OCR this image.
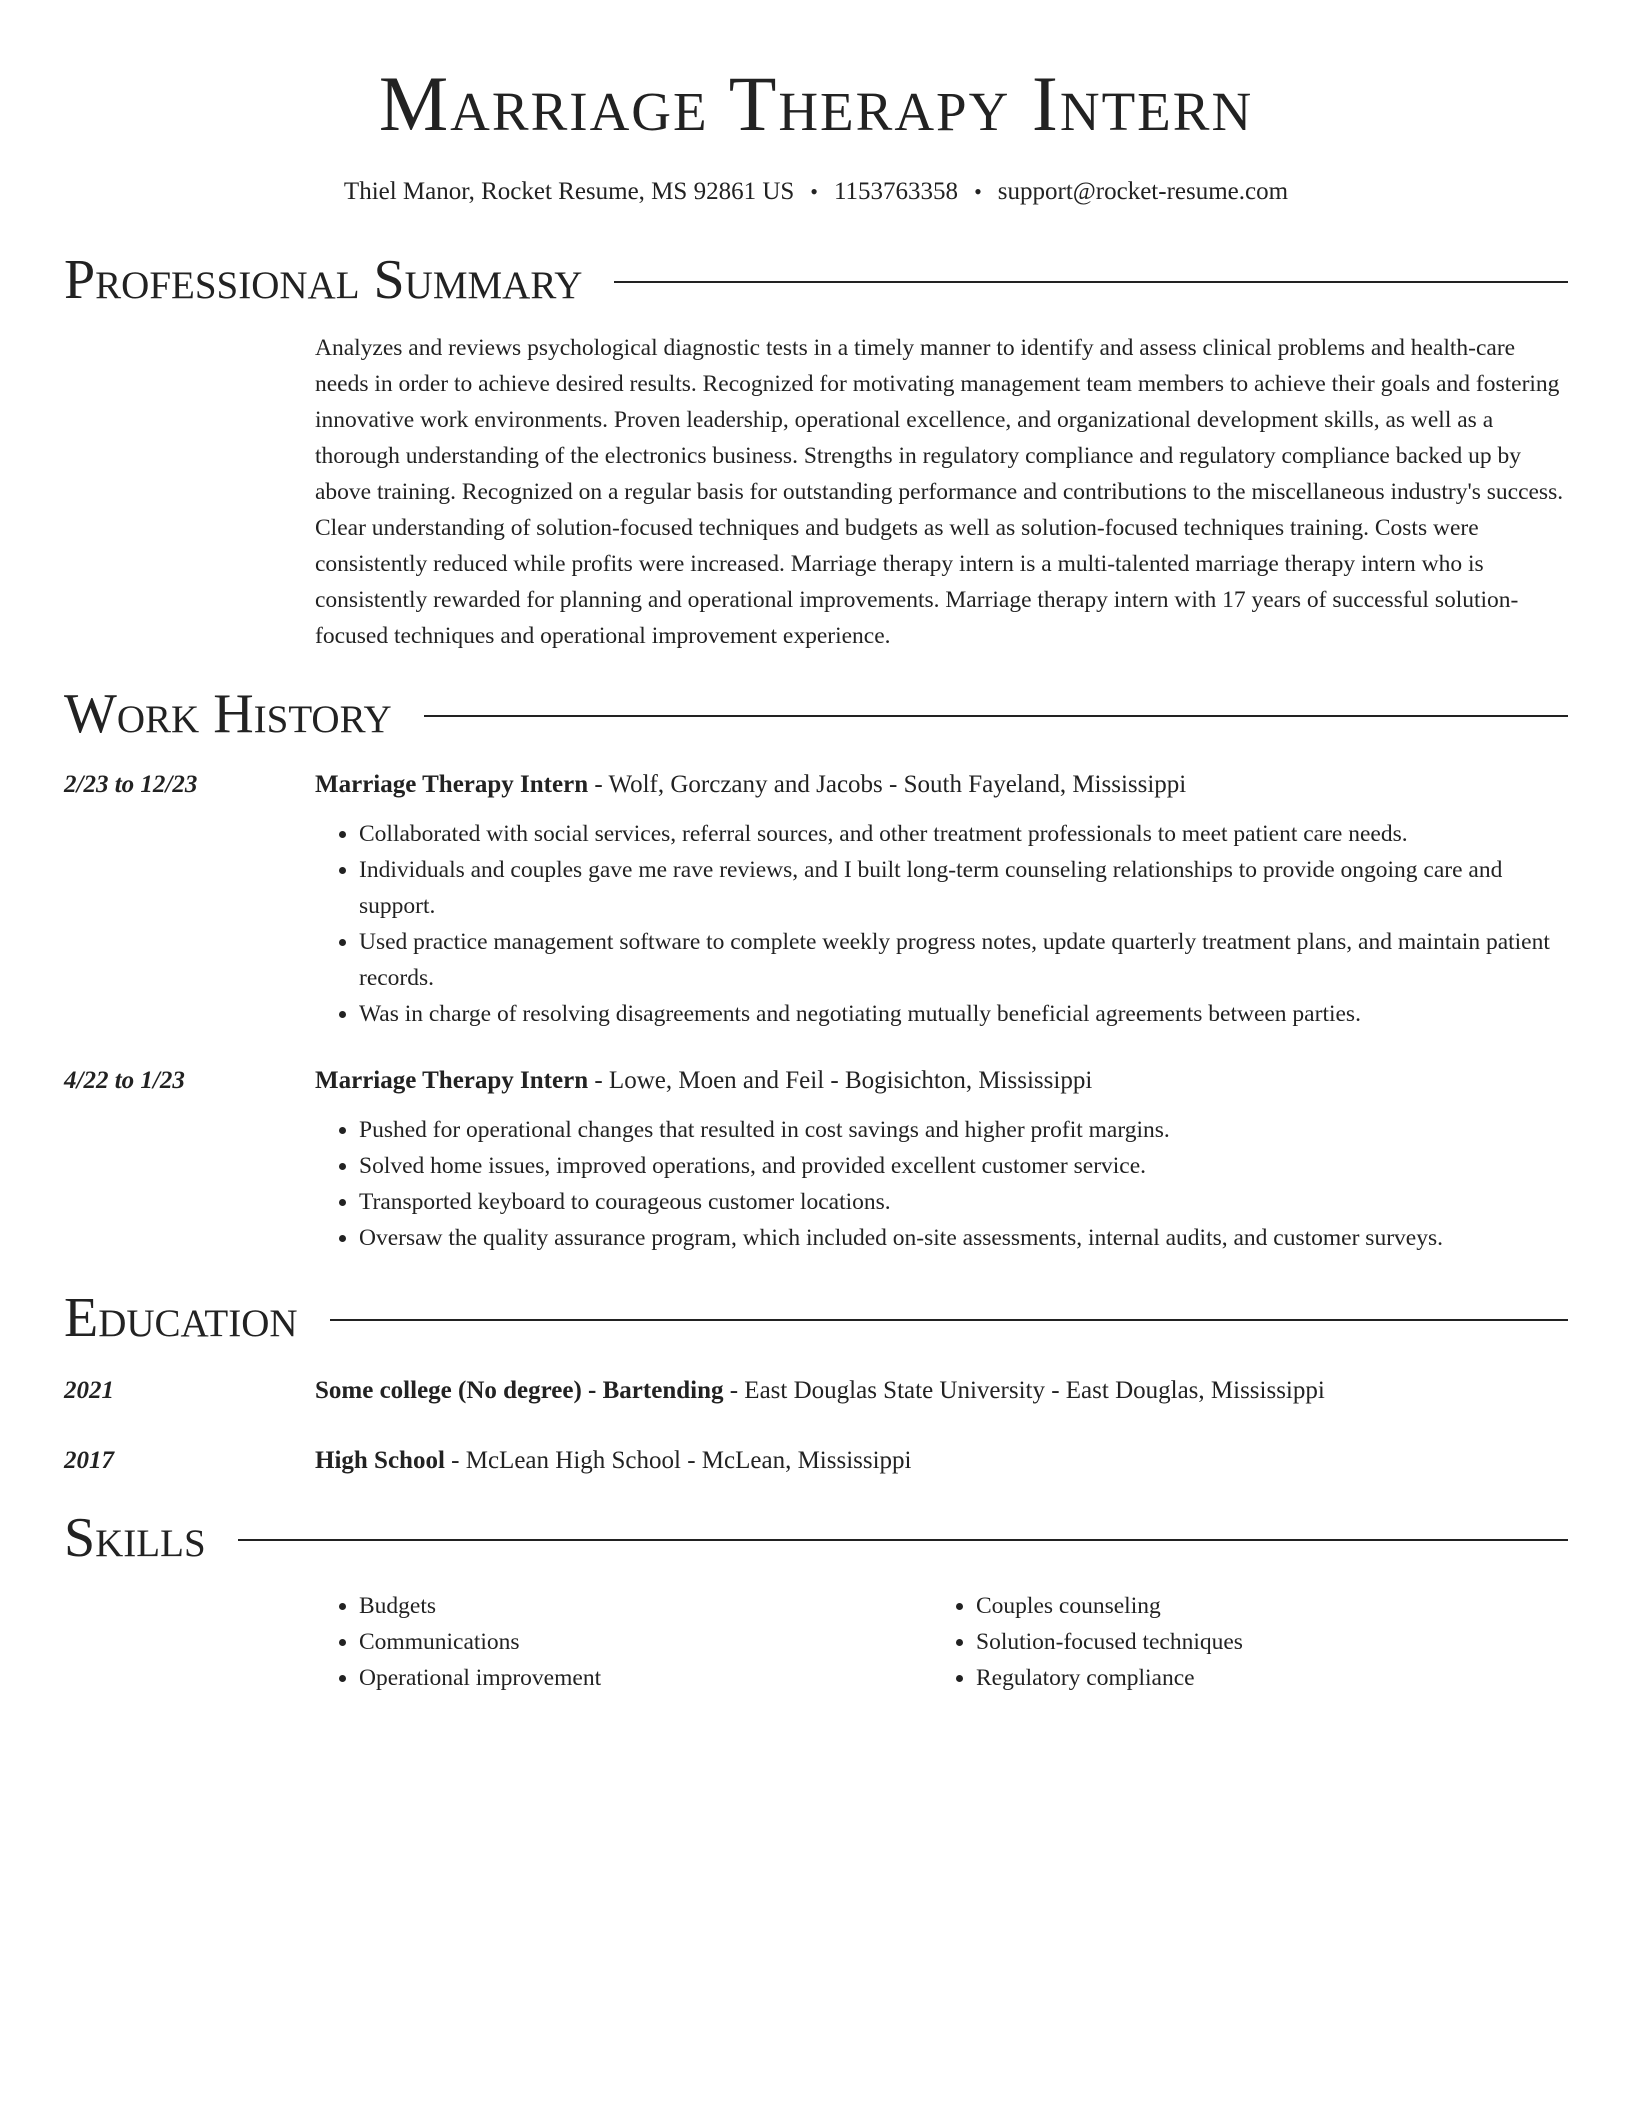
Marriage Therapy Intern
Thiel Manor, Rocket Resume, MS 92861 US • 1153763358 • support@rocket-resume.com
Professional Summary
Analyzes and reviews psychological diagnostic tests in a timely manner to identify and assess clinical problems and health-care needs in order to achieve desired results. Recognized for motivating management team members to achieve their goals and fostering innovative work environments. Proven leadership, operational excellence, and organizational development skills, as well as a thorough understanding of the electronics business. Strengths in regulatory compliance and regulatory compliance backed up by above training. Recognized on a regular basis for outstanding performance and contributions to the miscellaneous industry's success. Clear understanding of solution-focused techniques and budgets as well as solution-focused techniques training. Costs were consistently reduced while profits were increased. Marriage therapy intern is a multi-talented marriage therapy intern who is consistently rewarded for planning and operational improvements. Marriage therapy intern with 17 years of successful solution-focused techniques and operational improvement experience.
Work History
2/23 to 12/23	Marriage Therapy Intern - Wolf, Gorczany and Jacobs - South Fayeland, Mississippi
• Collaborated with social services, referral sources, and other treatment professionals to meet patient care needs.
• Individuals and couples gave me rave reviews, and I built long-term counseling relationships to provide ongoing care and support.
• Used practice management software to complete weekly progress notes, update quarterly treatment plans, and maintain patient records.
• Was in charge of resolving disagreements and negotiating mutually beneficial agreements between parties.
4/22 to 1/23	Marriage Therapy Intern - Lowe, Moen and Feil - Bogisichton, Mississippi
• Pushed for operational changes that resulted in cost savings and higher profit margins.
• Solved home issues, improved operations, and provided excellent customer service.
• Transported keyboard to courageous customer locations.
• Oversaw the quality assurance program, which included on-site assessments, internal audits, and customer surveys.
Education
2021	Some college (No degree) - Bartending - East Douglas State University - East Douglas, Mississippi
2017	High School - McLean High School - McLean, Mississippi
Skills
• Budgets
• Communications
• Operational improvement
• Couples counseling
• Solution-focused techniques
• Regulatory compliance
